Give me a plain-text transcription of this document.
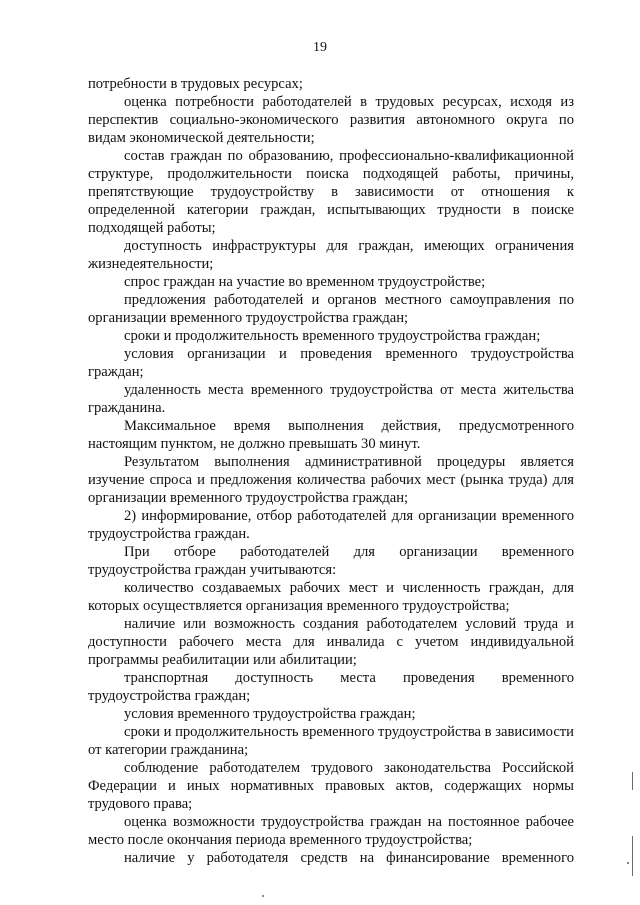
19

потребности в трудовых ресурсах;

оценка потребности работодателей в трудовых ресурсах, исходя из перспектив социально-экономического развития автономного округа по видам экономической деятельности;

состав граждан по образованию, профессионально-квалификационной структуре, продолжительности поиска подходящей работы, причины, препятствующие трудоустройству в зависимости от отношения к определенной категории граждан, испытывающих трудности в поиске подходящей работы;

доступность инфраструктуры для граждан, имеющих ограничения жизнедеятельности;

спрос граждан на участие во временном трудоустройстве;

предложения работодателей и органов местного самоуправления по организации временного трудоустройства граждан;

сроки и продолжительность временного трудоустройства граждан;

условия организации и проведения временного трудоустройства граждан;

удаленность места временного трудоустройства от места жительства гражданина.

Максимальное время выполнения действия, предусмотренного настоящим пунктом, не должно превышать 30 минут.

Результатом выполнения административной процедуры является изучение спроса и предложения количества рабочих мест (рынка труда) для организации временного трудоустройства граждан;

2) информирование, отбор работодателей для организации временного трудоустройства граждан.

При отборе работодателей для организации временного трудоустройства граждан учитываются:

количество создаваемых рабочих мест и численность граждан, для которых осуществляется организация временного трудоустройства;

наличие или возможность создания работодателем условий труда и доступности рабочего места для инвалида с учетом индивидуальной программы реабилитации или абилитации;

транспортная доступность места проведения временного трудоустройства граждан;

условия временного трудоустройства граждан;

сроки и продолжительность временного трудоустройства в зависимости от категории гражданина;

соблюдение работодателем трудового законодательства Российской Федерации и иных нормативных правовых актов, содержащих нормы трудового права;

оценка возможности трудоустройства граждан на постоянное рабочее место после окончания периода временного трудоустройства;

наличие у работодателя средств на финансирование временного
